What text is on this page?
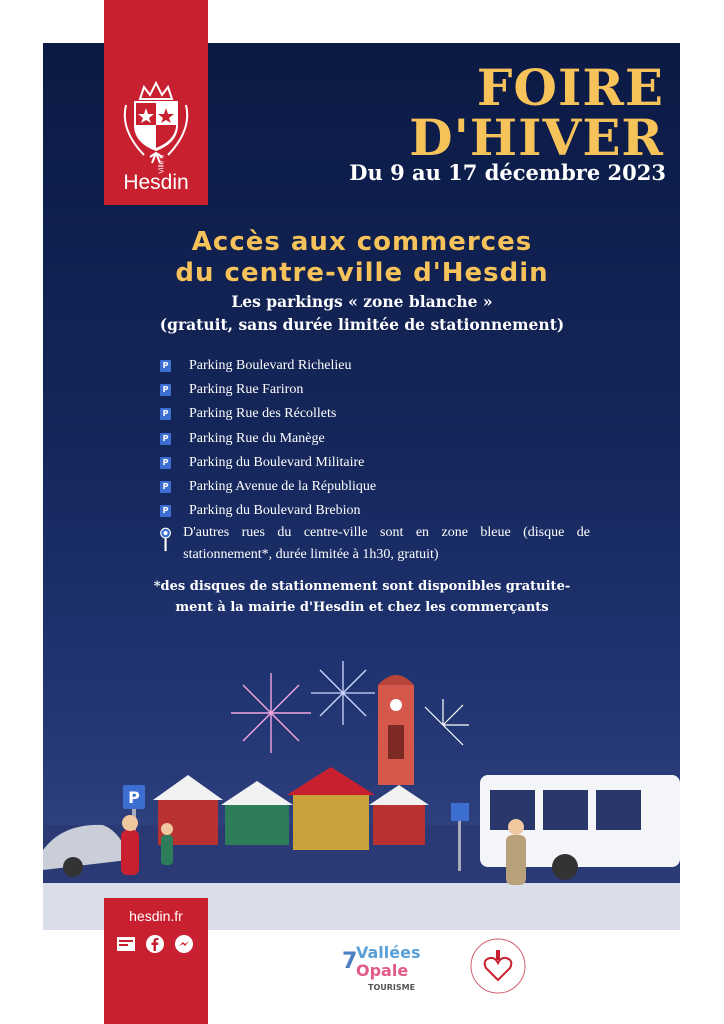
Ville d'
Hesdin
FOIRE
D'HIVER
Du 9 au 17 décembre 2023
Accès aux commerces
du centre-ville d'Hesdin
Les parkings « zone blanche »
(gratuit, sans durée limitée de stationnement)
P Parking Boulevard Richelieu
P Parking Rue Fariron
P Parking Rue des Récollets
P Parking Rue du Manège
P Parking du Boulevard Militaire
P Parking Avenue de la République
P Parking du Boulevard Brebion

D'autres rues du centre-ville sont en zone bleue (disque de stationnement*, durée limitée à 1h30, gratuit)

*des disques de stationnement sont disponibles gratuite-
ment à la mairie d'Hesdin et chez les commerçants
P
hesdin.fr
7
Vallées
Opale
TOURISME
